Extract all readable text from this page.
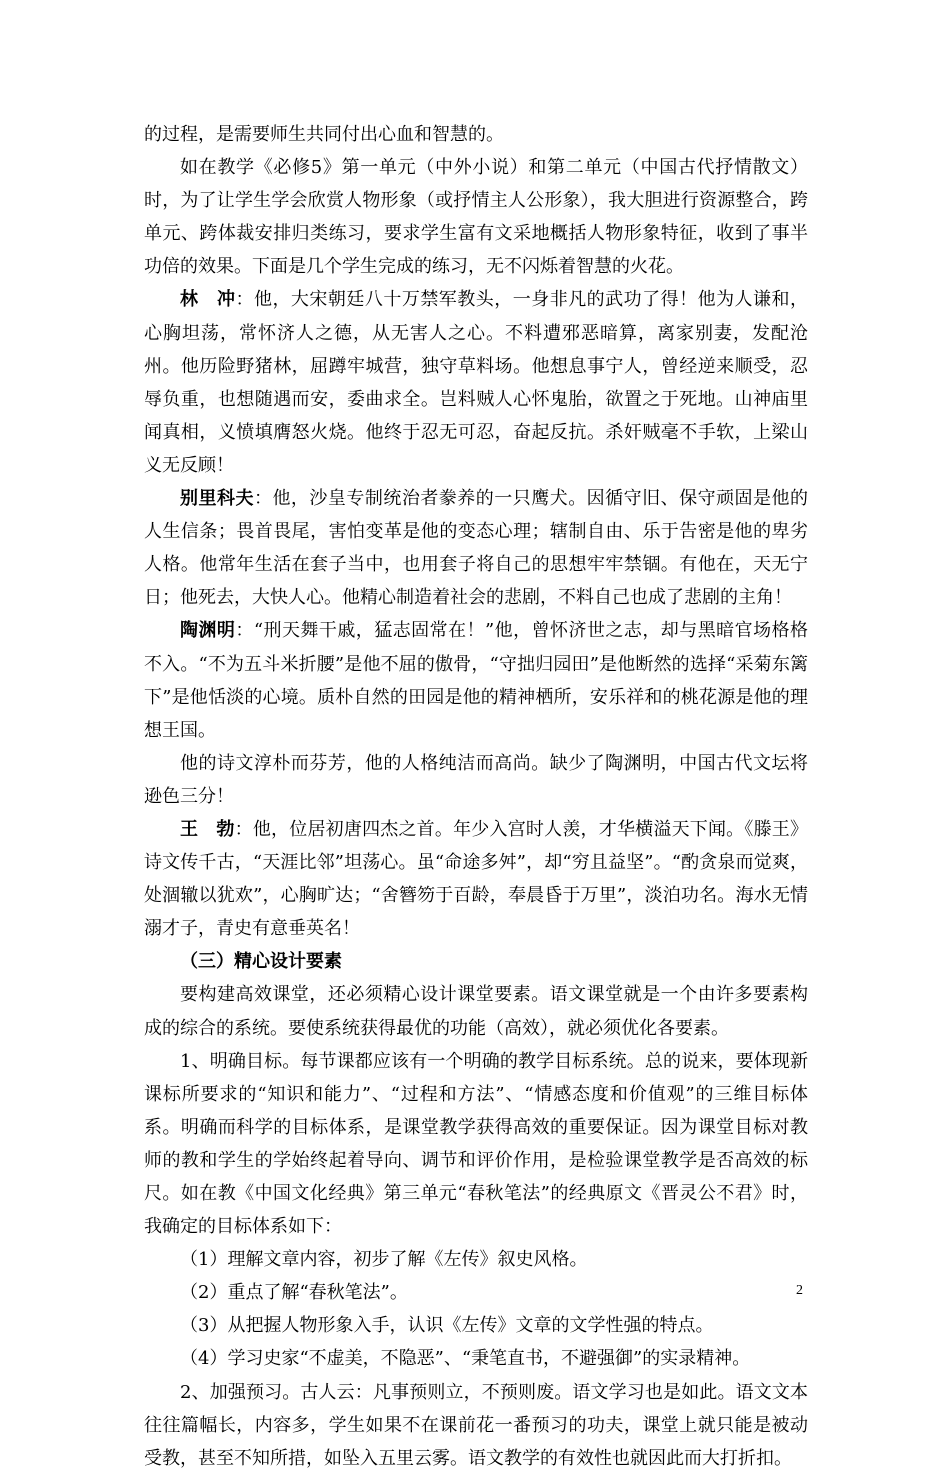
的过程，是需要师生共同付出心血和智慧的。

如在教学《必修5》第一单元（中外小说）和第二单元（中国古代抒情散文）时，为了让学生学会欣赏人物形象（或抒情主人公形象），我大胆进行资源整合，跨单元、跨体裁安排归类练习，要求学生富有文采地概括人物形象特征，收到了事半功倍的效果。下面是几个学生完成的练习，无不闪烁着智慧的火花。

林　冲：他，大宋朝廷八十万禁军教头，一身非凡的武功了得！他为人谦和，心胸坦荡，常怀济人之德，从无害人之心。不料遭邪恶暗算，离家别妻，发配沧州。他历险野猪林，屈蹲牢城营，独守草料场。他想息事宁人，曾经逆来顺受，忍辱负重，也想随遇而安，委曲求全。岂料贼人心怀鬼胎，欲置之于死地。山神庙里闻真相，义愤填膺怒火烧。他终于忍无可忍，奋起反抗。杀奸贼毫不手软，上梁山义无反顾！

别里科夫：他，沙皇专制统治者豢养的一只鹰犬。因循守旧、保守顽固是他的人生信条；畏首畏尾，害怕变革是他的变态心理；辖制自由、乐于告密是他的卑劣人格。他常年生活在套子当中，也用套子将自己的思想牢牢禁锢。有他在，天无宁日；他死去，大快人心。他精心制造着社会的悲剧，不料自己也成了悲剧的主角！

陶渊明：“刑天舞干戚，猛志固常在！”他，曾怀济世之志，却与黑暗官场格格不入。“不为五斗米折腰”是他不屈的傲骨，“守拙归园田”是他断然的选择“采菊东篱下”是他恬淡的心境。质朴自然的田园是他的精神栖所，安乐祥和的桃花源是他的理想王国。

他的诗文淳朴而芬芳，他的人格纯洁而高尚。缺少了陶渊明，中国古代文坛将逊色三分！

王　勃：他，位居初唐四杰之首。年少入宫时人羡，才华横溢天下闻。《滕王》诗文传千古，“天涯比邻”坦荡心。虽“命途多舛”，却“穷且益坚”。“酌贪泉而觉爽，处涸辙以犹欢”，心胸旷达；“舍簪笏于百龄，奉晨昏于万里”，淡泊功名。海水无情溺才子，青史有意垂英名！

（三）精心设计要素

要构建高效课堂，还必须精心设计课堂要素。语文课堂就是一个由许多要素构成的综合的系统。要使系统获得最优的功能（高效），就必须优化各要素。

1、明确目标。每节课都应该有一个明确的教学目标系统。总的说来，要体现新课标所要求的“知识和能力”、“过程和方法”、“情感态度和价值观”的三维目标体系。明确而科学的目标体系，是课堂教学获得高效的重要保证。因为课堂目标对教师的教和学生的学始终起着导向、调节和评价作用，是检验课堂教学是否高效的标尺。如在教《中国文化经典》第三单元“春秋笔法”的经典原文《晋灵公不君》时，我确定的目标体系如下：

（1）理解文章内容，初步了解《左传》叙史风格。

（2）重点了解“春秋笔法”。

（3）从把握人物形象入手，认识《左传》文章的文学性强的特点。

（4）学习史家“不虚美，不隐恶”、“秉笔直书，不避强御”的实录精神。

2、加强预习。古人云：凡事预则立，不预则废。语文学习也是如此。语文文本往往篇幅长，内容多，学生如果不在课前花一番预习的功夫，课堂上就只能是被动受教，甚至不知所措，如坠入五里云雾。语文教学的有效性也就因此而大打折扣。

2
